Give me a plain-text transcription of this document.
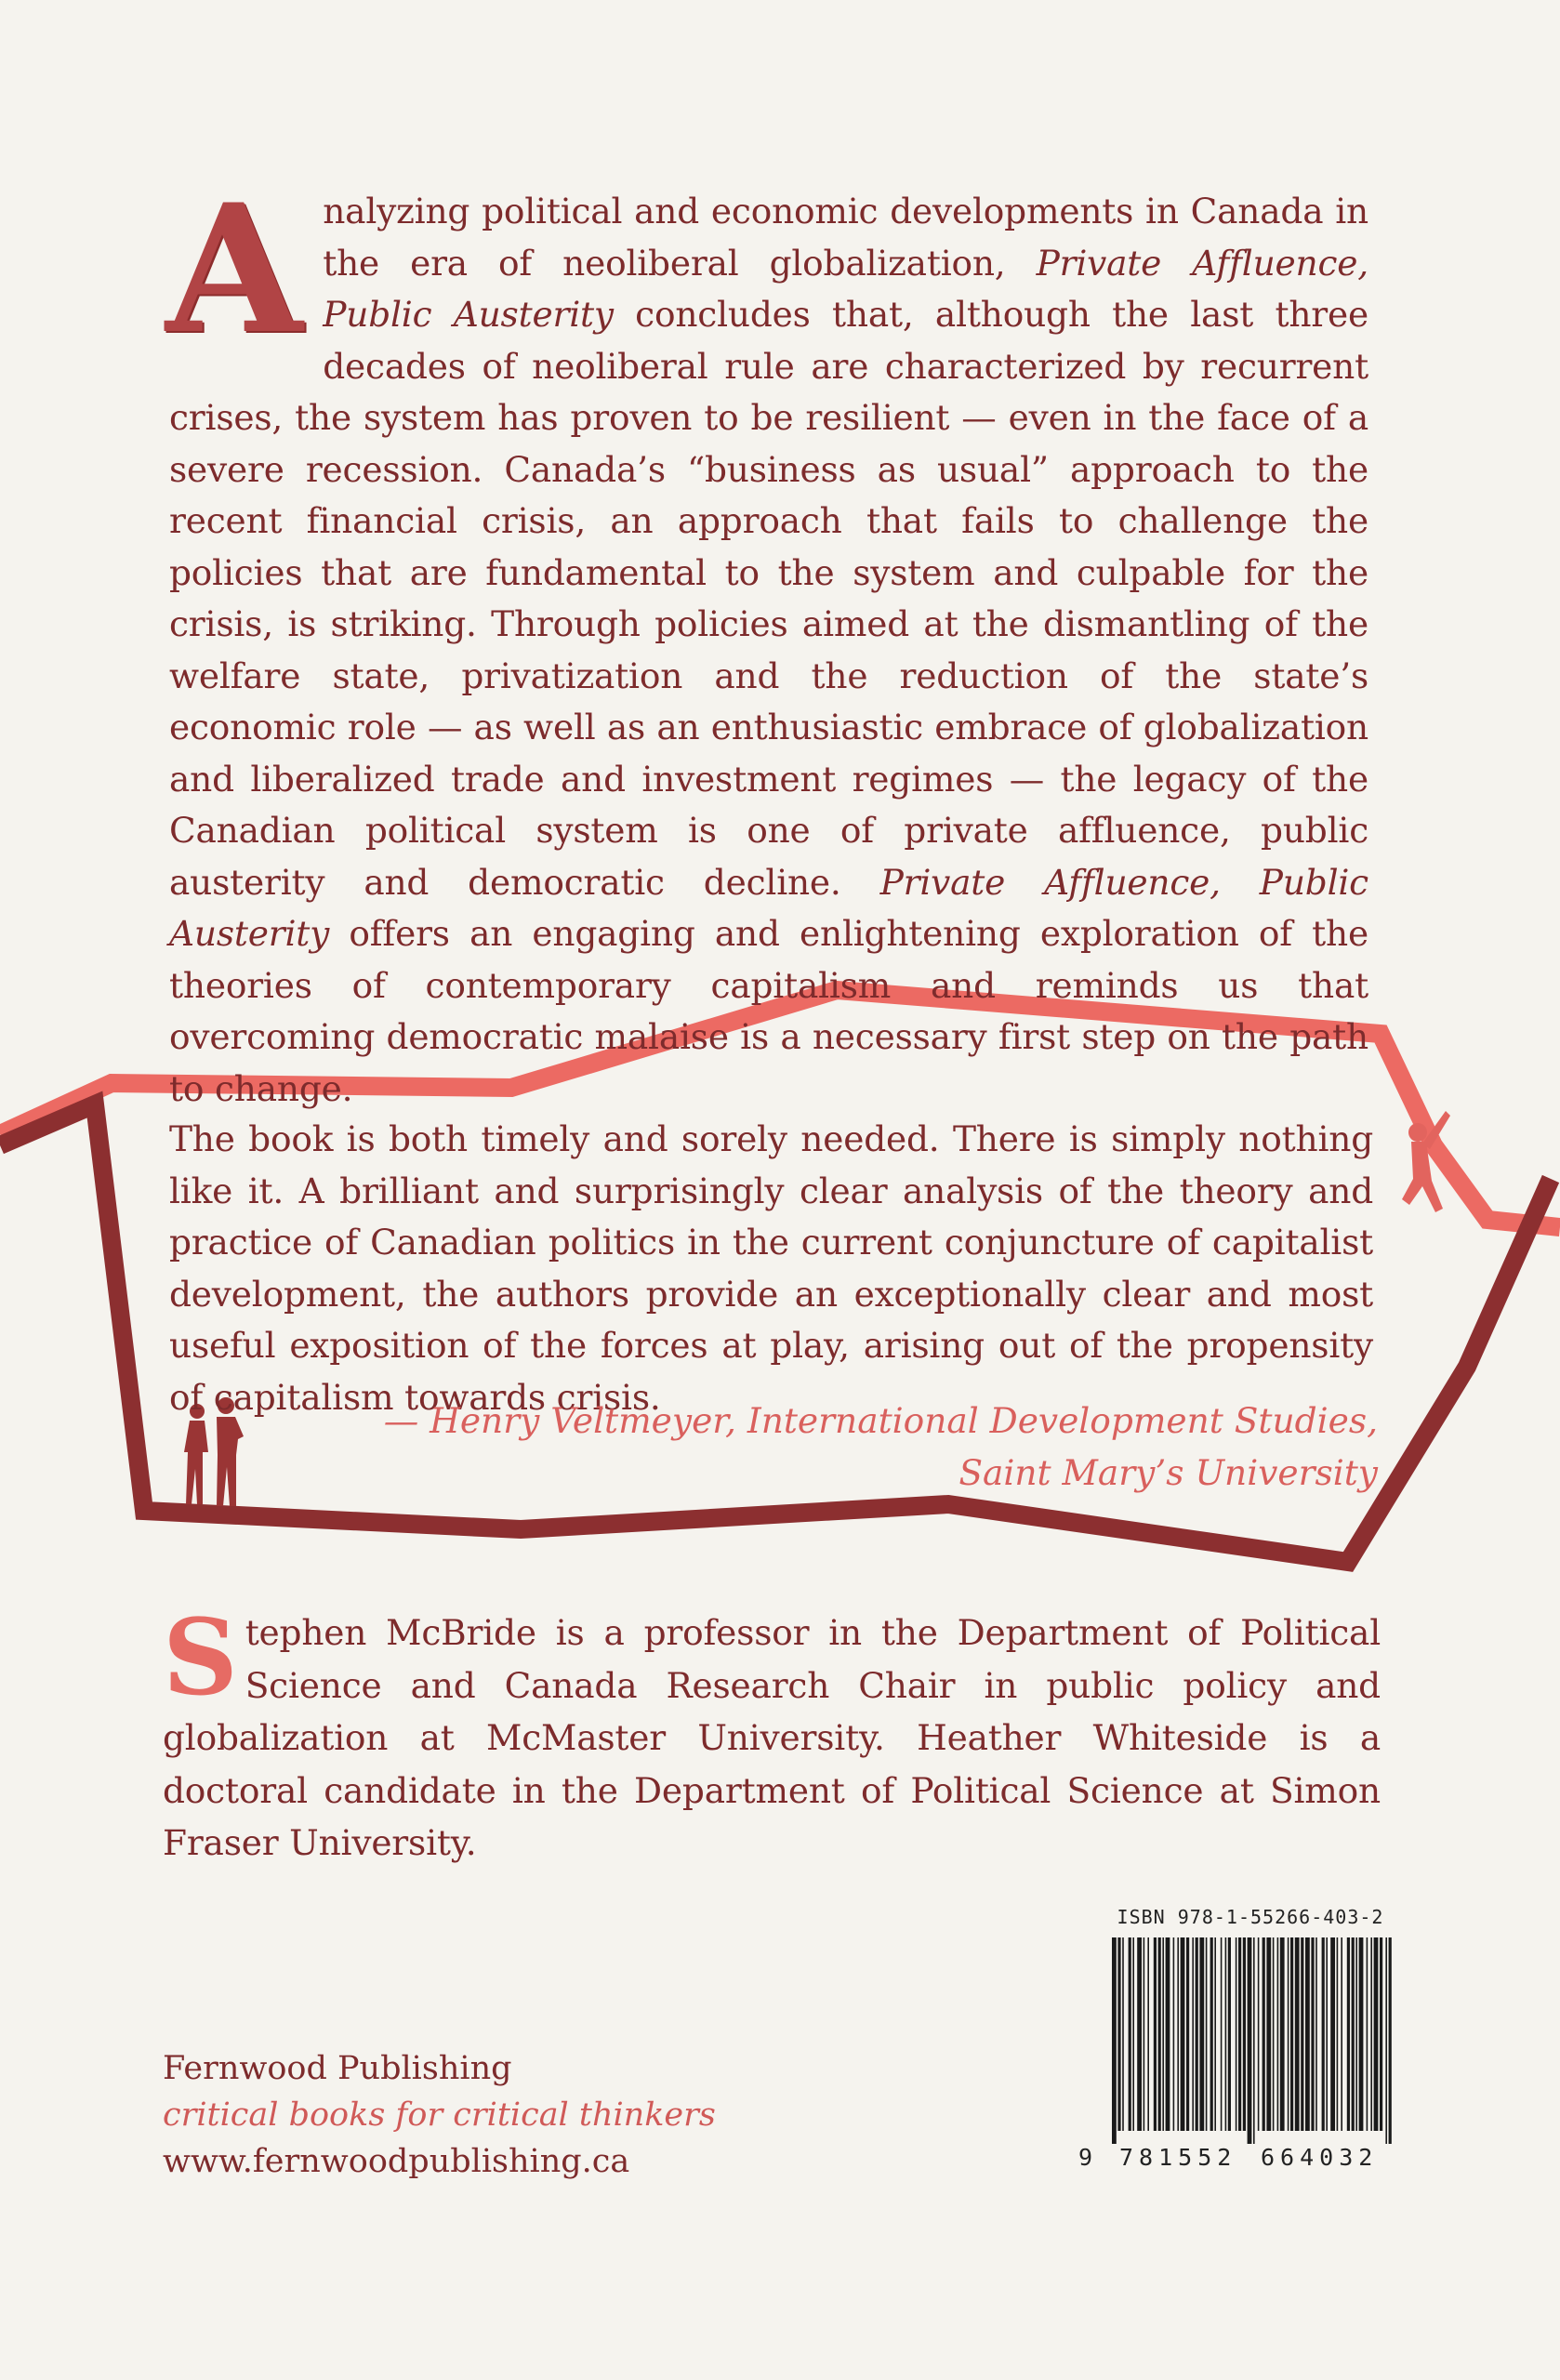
Analyzing political and economic developments in Canada in the era of neoliberal globalization, Private Affluence, Public Austerity concludes that, although the last three decades of neoliberal rule are characterized by recurrent crises, the system has proven to be resilient — even in the face of a severe recession. Canada’s “business as usual” approach to the recent financial crisis, an approach that fails to challenge the policies that are fundamental to the system and culpable for the crisis, is striking. Through policies aimed at the dismantling of the welfare state, privatization and the reduction of the state’s economic role — as well as an enthusiastic embrace of globalization and liberalized trade and investment regimes — the legacy of the Canadian political system is one of private affluence, public austerity and democratic decline. Private Affluence, Public Austerity offers an engaging and enlightening exploration of the theories of contemporary capitalism and reminds us that overcoming democratic malaise is a necessary first step on the path to change.
The book is both timely and sorely needed. There is simply nothing like it. A brilliant and surprisingly clear analysis of the theory and practice of Canadian politics in the current conjuncture of capitalist development, the authors provide an exceptionally clear and most useful exposition of the forces at play, arising out of the propensity of capitalism towards crisis.
— Henry Veltmeyer, International Development Studies,
Saint Mary’s University
Stephen McBride is a professor in the Department of Political Science and Canada Research Chair in public policy and globalization at McMaster University. Heather Whiteside is a doctoral candidate in the Department of Political Science at Simon Fraser University.
Fernwood Publishing
critical books for critical thinkers
www.fernwoodpublishing.ca
ISBN 978-1-55266-403-2
9 781552 664032
